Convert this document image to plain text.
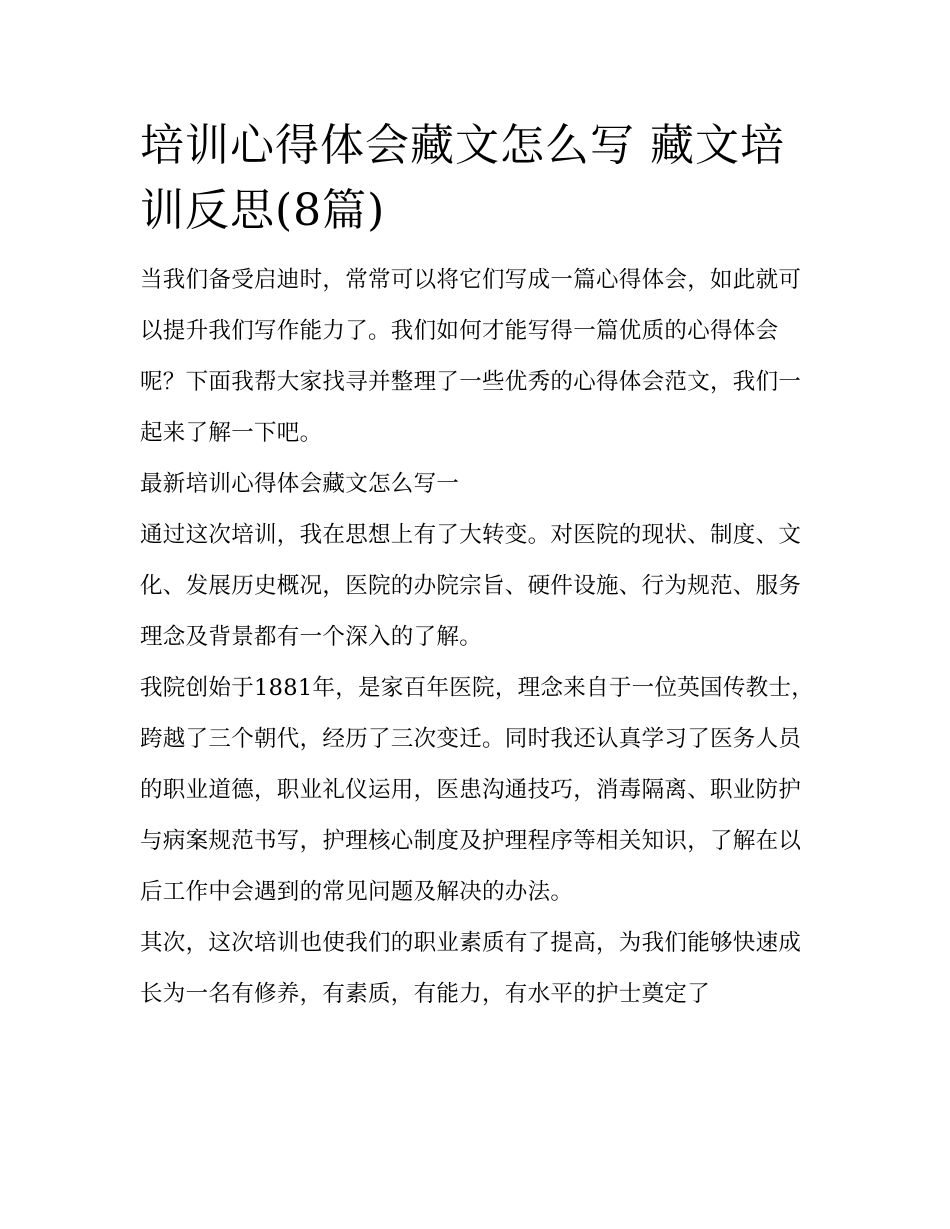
培训心得体会藏文怎么写 藏文培训反思(8篇)

当我们备受启迪时，常常可以将它们写成一篇心得体会，如此就可以提升我们写作能力了。我们如何才能写得一篇优质的心得体会呢？下面我帮大家找寻并整理了一些优秀的心得体会范文，我们一起来了解一下吧。

最新培训心得体会藏文怎么写一

通过这次培训，我在思想上有了大转变。对医院的现状、制度、文化、发展历史概况，医院的办院宗旨、硬件设施、行为规范、服务理念及背景都有一个深入的了解。

我院创始于1881年，是家百年医院，理念来自于一位英国传教士，跨越了三个朝代，经历了三次变迁。同时我还认真学习了医务人员的职业道德，职业礼仪运用，医患沟通技巧，消毒隔离、职业防护与病案规范书写，护理核心制度及护理程序等相关知识，了解在以后工作中会遇到的常见问题及解决的办法。

其次，这次培训也使我们的职业素质有了提高，为我们能够快速成长为一名有修养，有素质，有能力，有水平的护士奠定了
